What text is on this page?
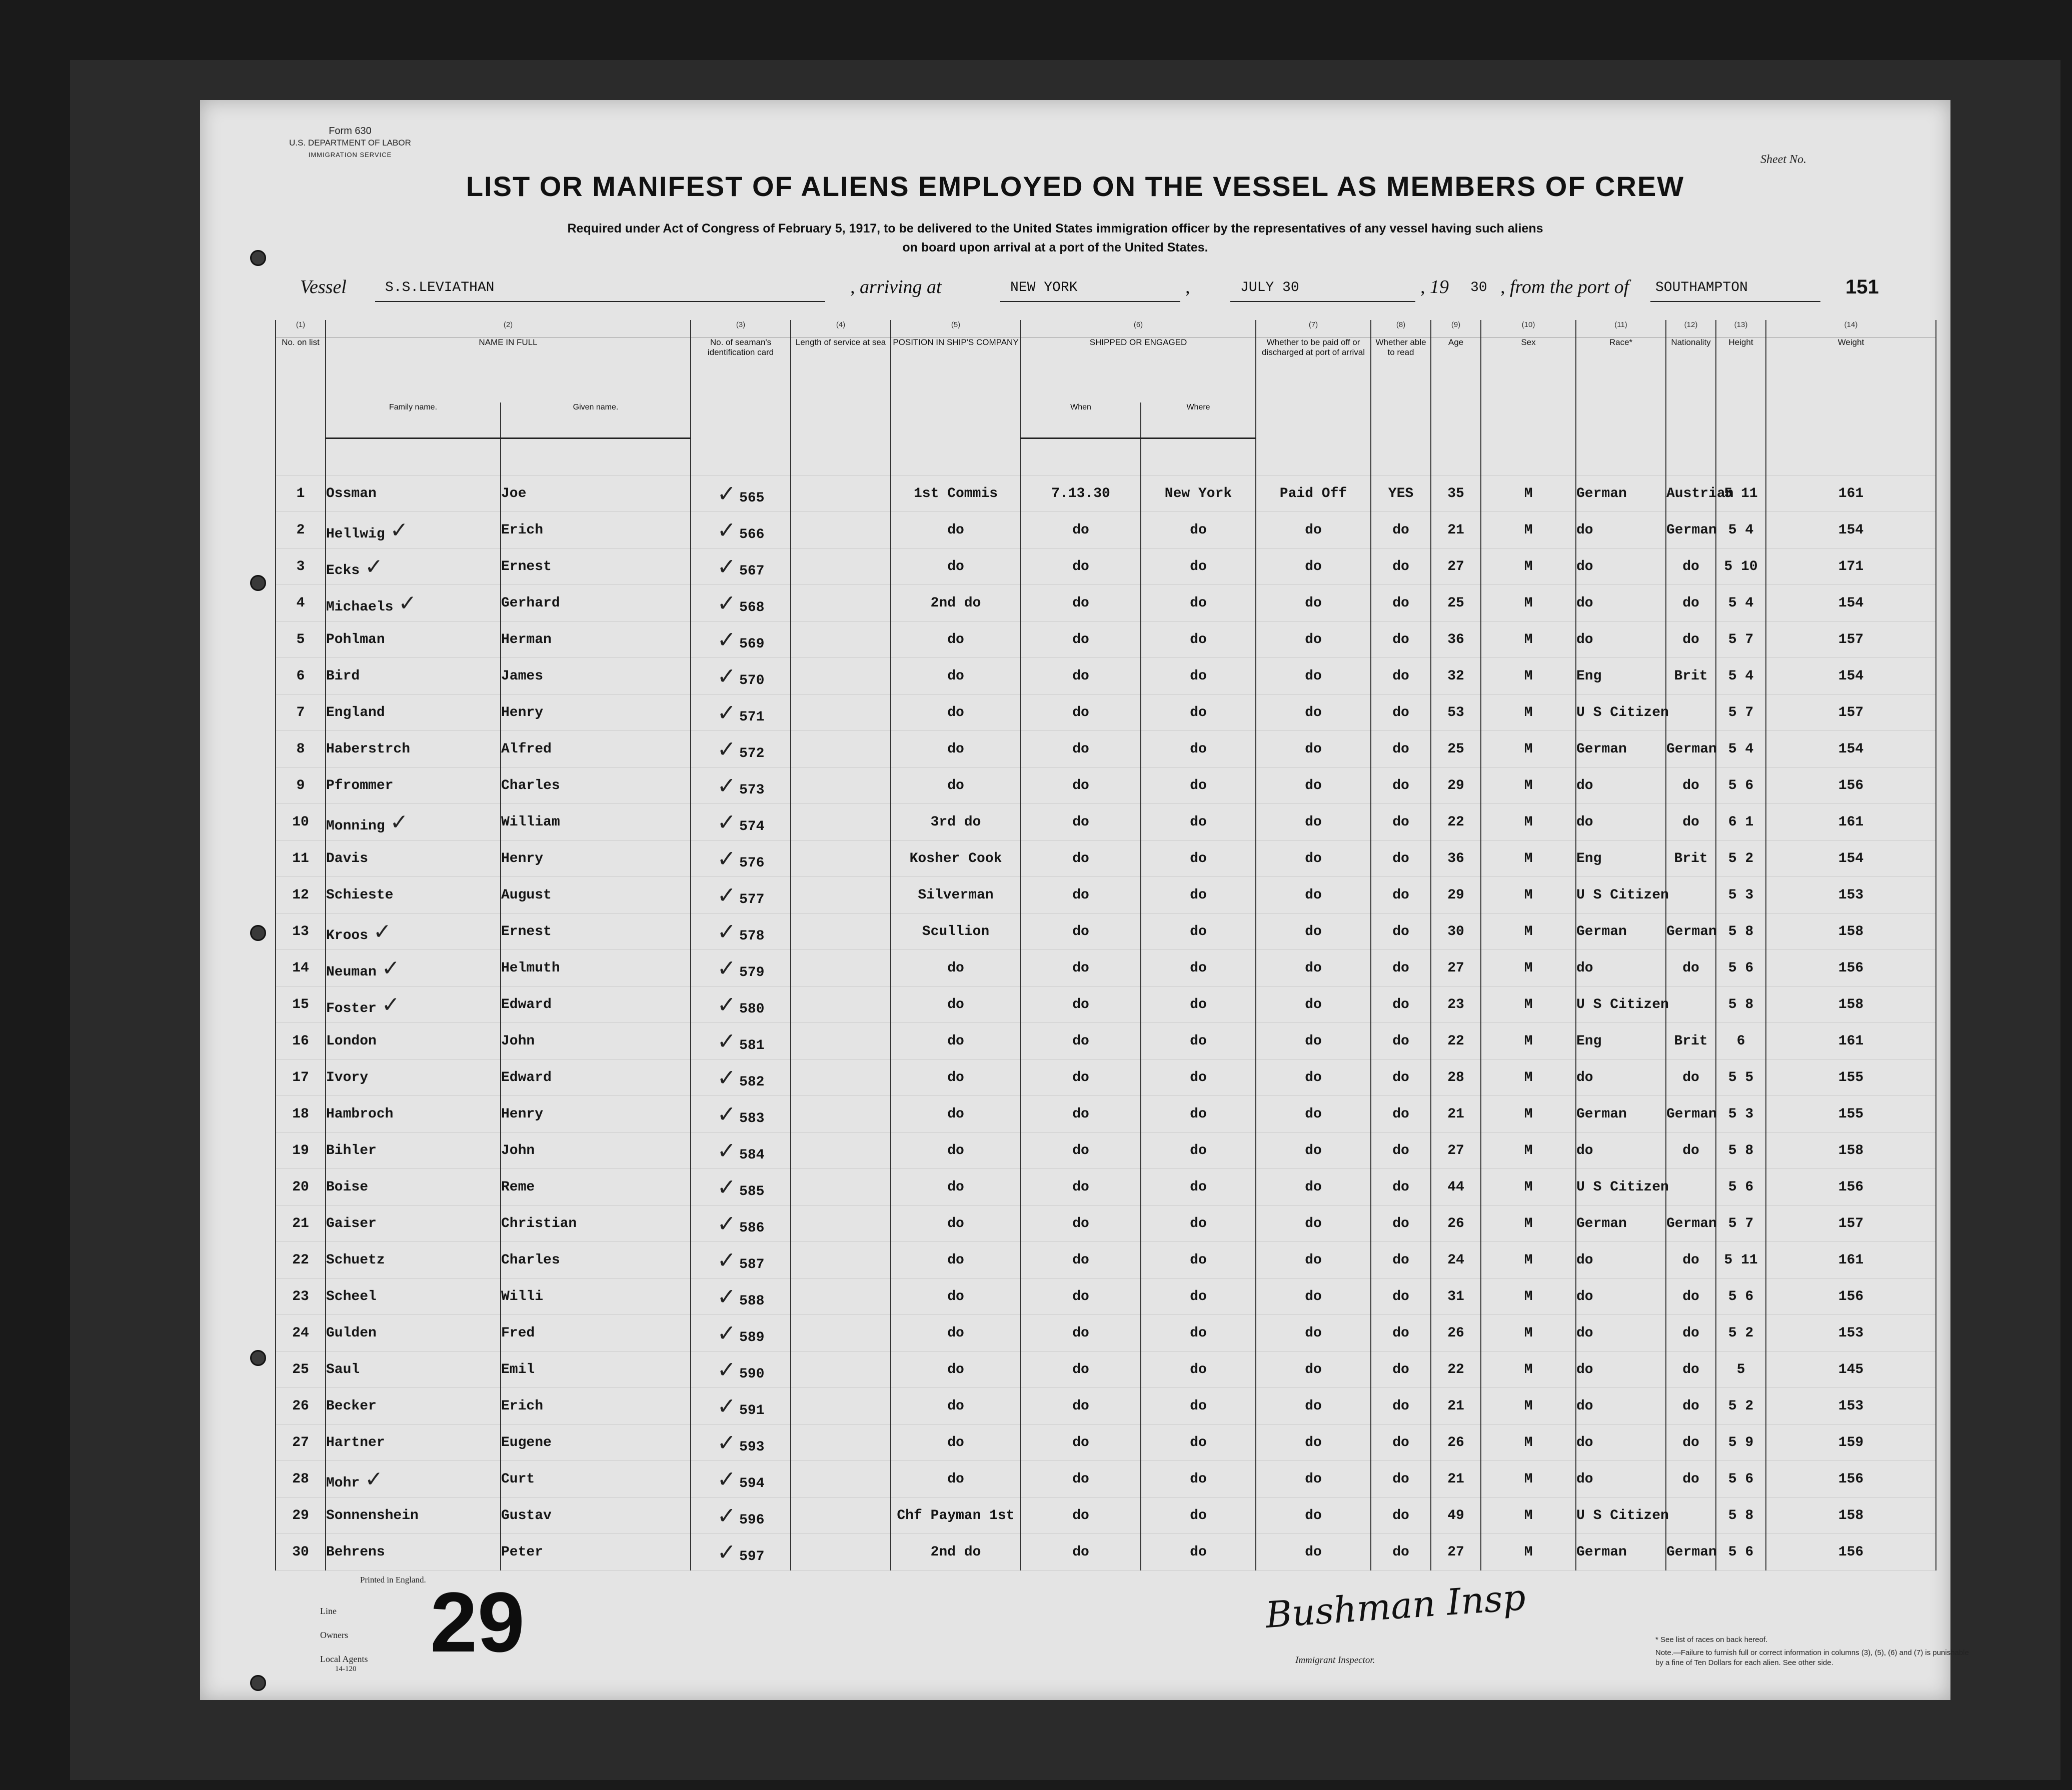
Form 630
U.S. DEPARTMENT OF LABOR
IMMIGRATION SERVICE	Sheet No.
LIST OR MANIFEST OF ALIENS EMPLOYED ON THE VESSEL AS MEMBERS OF CREW
Required under Act of Congress of February 5, 1917, to be delivered to the United States immigration officer by the representatives of any vessel having such aliens
on board upon arrival at a port of the United States.
Vessel	S.S.LEVIATHAN	, arriving at	NEW YORK	,	JULY 30	, 19 30 , from the port of SOUTHAMPTON	151
(1)	(2)		(3)	(4)	(5)	(6)		(7)	(8)	(9)	(10)	(11)	(12)	(13)	(14)	
No. on list	NAME IN FULL		No. of seaman's identification card	Length of service at sea	POSITION IN SHIP'S COMPANY	SHIPPED OR ENGAGED		Whether to be paid off or discharged at port of arrival	Whether able to read	Age	Sex	Race*	Nationality	Height	Weight	
	Family name.	Given name.				When	Where									

1	Ossman	Joe	✓ 565		1st Commis	7.13.30	New York	Paid Off	YES	35	M	German	Austrian	5 11	161	
2	Hellwig ✓	Erich	✓ 566		do	do	do	do	do	21	M	do	German	5 4	154	
3	Ecks ✓	Ernest	✓ 567		do	do	do	do	do	27	M	do	do	5 10	171	
4	Michaels ✓	Gerhard	✓ 568		2nd do	do	do	do	do	25	M	do	do	5 4	154	
5	Pohlman	Herman	✓ 569		do	do	do	do	do	36	M	do	do	5 7	157	
6	Bird	James	✓ 570		do	do	do	do	do	32	M	Eng	Brit	5 4	154	
7	England	Henry	✓ 571		do	do	do	do	do	53	M	U S Citizen		5 7	157	
8	Haberstrch	Alfred	✓ 572		do	do	do	do	do	25	M	German	German	5 4	154	
9	Pfrommer	Charles	✓ 573		do	do	do	do	do	29	M	do	do	5 6	156	
10	Monning ✓	William	✓ 574		3rd do	do	do	do	do	22	M	do	do	6 1	161	
11	Davis	Henry	✓ 576		Kosher Cook	do	do	do	do	36	M	Eng	Brit	5 2	154	
12	Schieste	August	✓ 577		Silverman	do	do	do	do	29	M	U S Citizen		5 3	153	
13	Kroos ✓	Ernest	✓ 578		Scullion	do	do	do	do	30	M	German	German	5 8	158	
14	Neuman ✓	Helmuth	✓ 579		do	do	do	do	do	27	M	do	do	5 6	156	
15	Foster ✓	Edward	✓ 580		do	do	do	do	do	23	M	U S Citizen		5 8	158	
16	London	John	✓ 581		do	do	do	do	do	22	M	Eng	Brit	6	161	
17	Ivory	Edward	✓ 582		do	do	do	do	do	28	M	do	do	5 5	155	
18	Hambroch	Henry	✓ 583		do	do	do	do	do	21	M	German	German	5 3	155	
19	Bihler	John	✓ 584		do	do	do	do	do	27	M	do	do	5 8	158	
20	Boise	Reme	✓ 585		do	do	do	do	do	44	M	U S Citizen		5 6	156	
21	Gaiser	Christian	✓ 586		do	do	do	do	do	26	M	German	German	5 7	157	
22	Schuetz	Charles	✓ 587		do	do	do	do	do	24	M	do	do	5 11	161	
23	Scheel	Willi	✓ 588		do	do	do	do	do	31	M	do	do	5 6	156	
24	Gulden	Fred	✓ 589		do	do	do	do	do	26	M	do	do	5 2	153	
25	Saul	Emil	✓ 590		do	do	do	do	do	22	M	do	do	5	145	
26	Becker	Erich	✓ 591		do	do	do	do	do	21	M	do	do	5 2	153	
27	Hartner	Eugene	✓ 593		do	do	do	do	do	26	M	do	do	5 9	159	
28	Mohr ✓	Curt	✓ 594		do	do	do	do	do	21	M	do	do	5 6	156	
29	Sonnenshein	Gustav	✓ 596		Chf Payman 1st	do	do	do	do	49	M	U S Citizen		5 8	158	
30	Behrens	Peter	✓ 597		2nd do	do	do	do	do	27	M	German	German	5 6	156	
Printed in England.
Line
Owners
Local Agents
14-120 29	Bushman Insp
Immigrant Inspector.
* See list of races on back hereof.
Note.—Failure to furnish full or correct information in columns (3), (5), (6) and (7) is punishable by a fine of Ten Dollars for each alien. See other side.
